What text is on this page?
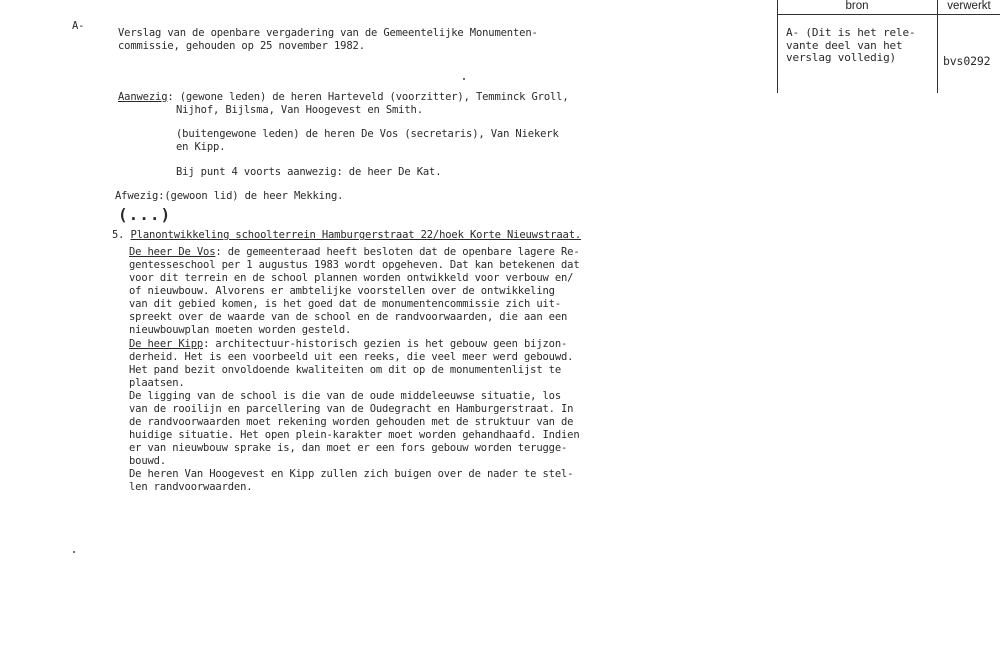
A-
Verslag van de openbare vergadering van de Gemeentelijke Monumenten-
commissie, gehouden op 25 november 1982.
Aanwezig: (gewone leden) de heren Harteveld (voorzitter), Temminck Groll,
Nijhof, Bijlsma, Van Hoogevest en Smith.
(buitengewone leden) de heren De Vos (secretaris), Van Niekerk
en Kipp.
Bij punt 4 voorts aanwezig: de heer De Kat.
Afwezig:(gewoon lid) de heer Mekking.
(...)
5. Planontwikkeling schoolterrein Hamburgerstraat 22/hoek Korte Nieuwstraat.
De heer De Vos: de gemeenteraad heeft besloten dat de openbare lagere Re-
gentesseschool per 1 augustus 1983 wordt opgeheven. Dat kan betekenen dat
voor dit terrein en de school plannen worden ontwikkeld voor verbouw en/
of nieuwbouw. Alvorens er ambtelijke voorstellen over de ontwikkeling
van dit gebied komen, is het goed dat de monumentencommissie zich uit-
spreekt over de waarde van de school en de randvoorwaarden, die aan een
nieuwbouwplan moeten worden gesteld.
De heer Kipp: architectuur-historisch gezien is het gebouw geen bijzon-
derheid. Het is een voorbeeld uit een reeks, die veel meer werd gebouwd.
Het pand bezit onvoldoende kwaliteiten om dit op de monumentenlijst te
plaatsen.
De ligging van de school is die van de oude middeleeuwse situatie, los
van de rooilijn en parcellering van de Oudegracht en Hamburgerstraat. In
de randvoorwaarden moet rekening worden gehouden met de struktuur van de
huidige situatie. Het open plein-karakter moet worden gehandhaafd. Indien
er van nieuwbouw sprake is, dan moet er een fors gebouw worden terugge-
bouwd.
De heren Van Hoogevest en Kipp zullen zich buigen over de nader te stel-
len randvoorwaarden.
bron	verwerkt
A- (Dit is het rele-
vante deel van het
verslag volledig)	bvs0292
